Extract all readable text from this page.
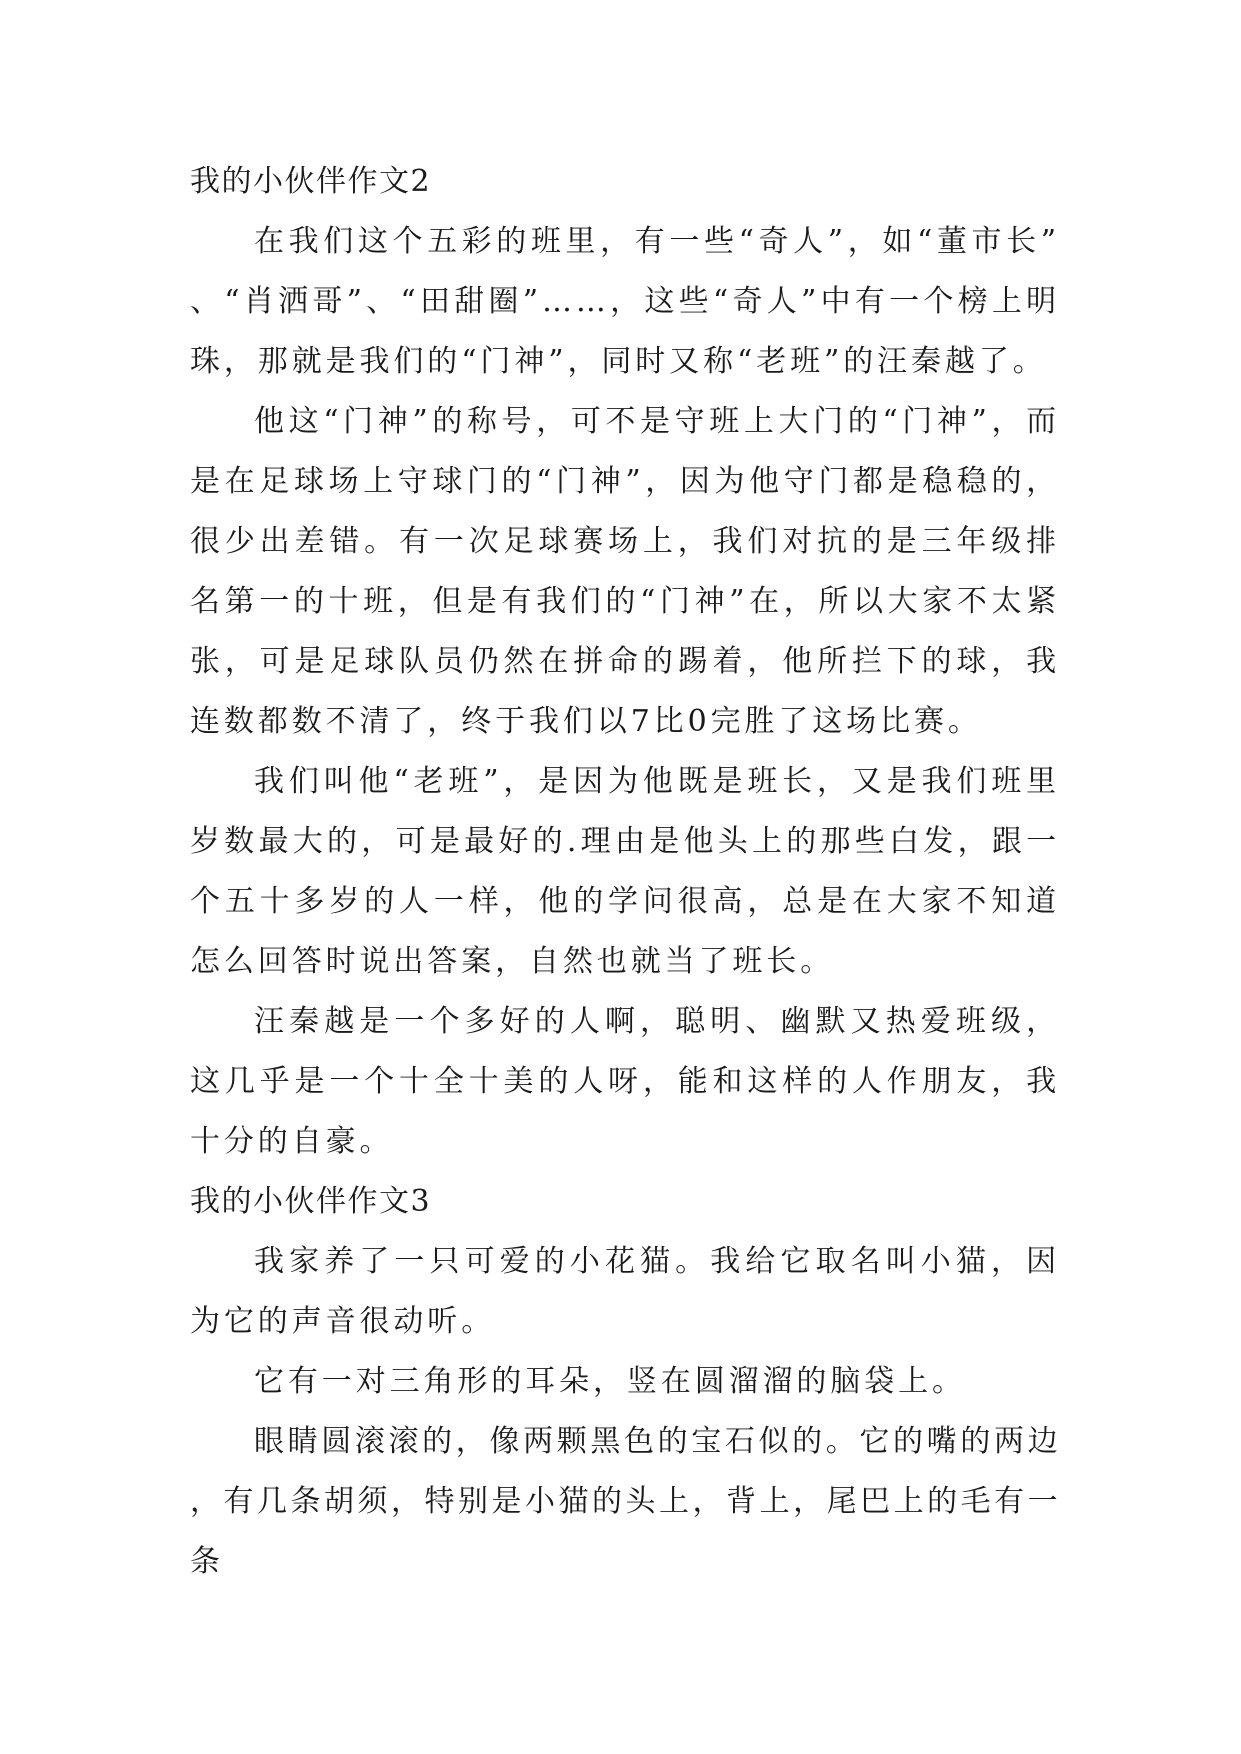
我的小伙伴作文2

在我们这个五彩的班里，有一些“奇人”，如“董市长”、“肖洒哥”、“田甜圈”……，这些“奇人”中有一个榜上明珠，那就是我们的“门神”，同时又称“老班”的汪秦越了。

他这“门神”的称号，可不是守班上大门的“门神”，而是在足球场上守球门的“门神”，因为他守门都是稳稳的，很少出差错。有一次足球赛场上，我们对抗的是三年级排名第一的十班，但是有我们的“门神”在，所以大家不太紧张，可是足球队员仍然在拼命的踢着，他所拦下的球，我连数都数不清了，终于我们以7比0完胜了这场比赛。

我们叫他“老班”，是因为他既是班长，又是我们班里岁数最大的，可是最好的.理由是他头上的那些白发，跟一个五十多岁的人一样，他的学问很高，总是在大家不知道怎么回答时说出答案，自然也就当了班长。

汪秦越是一个多好的人啊，聪明、幽默又热爱班级，这几乎是一个十全十美的人呀，能和这样的人作朋友，我十分的自豪。

我的小伙伴作文3

我家养了一只可爱的小花猫。我给它取名叫小猫，因为它的声音很动听。

它有一对三角形的耳朵，竖在圆溜溜的脑袋上。

眼睛圆滚滚的，像两颗黑色的宝石似的。它的嘴的两边，有几条胡须，特别是小猫的头上，背上，尾巴上的毛有一条
